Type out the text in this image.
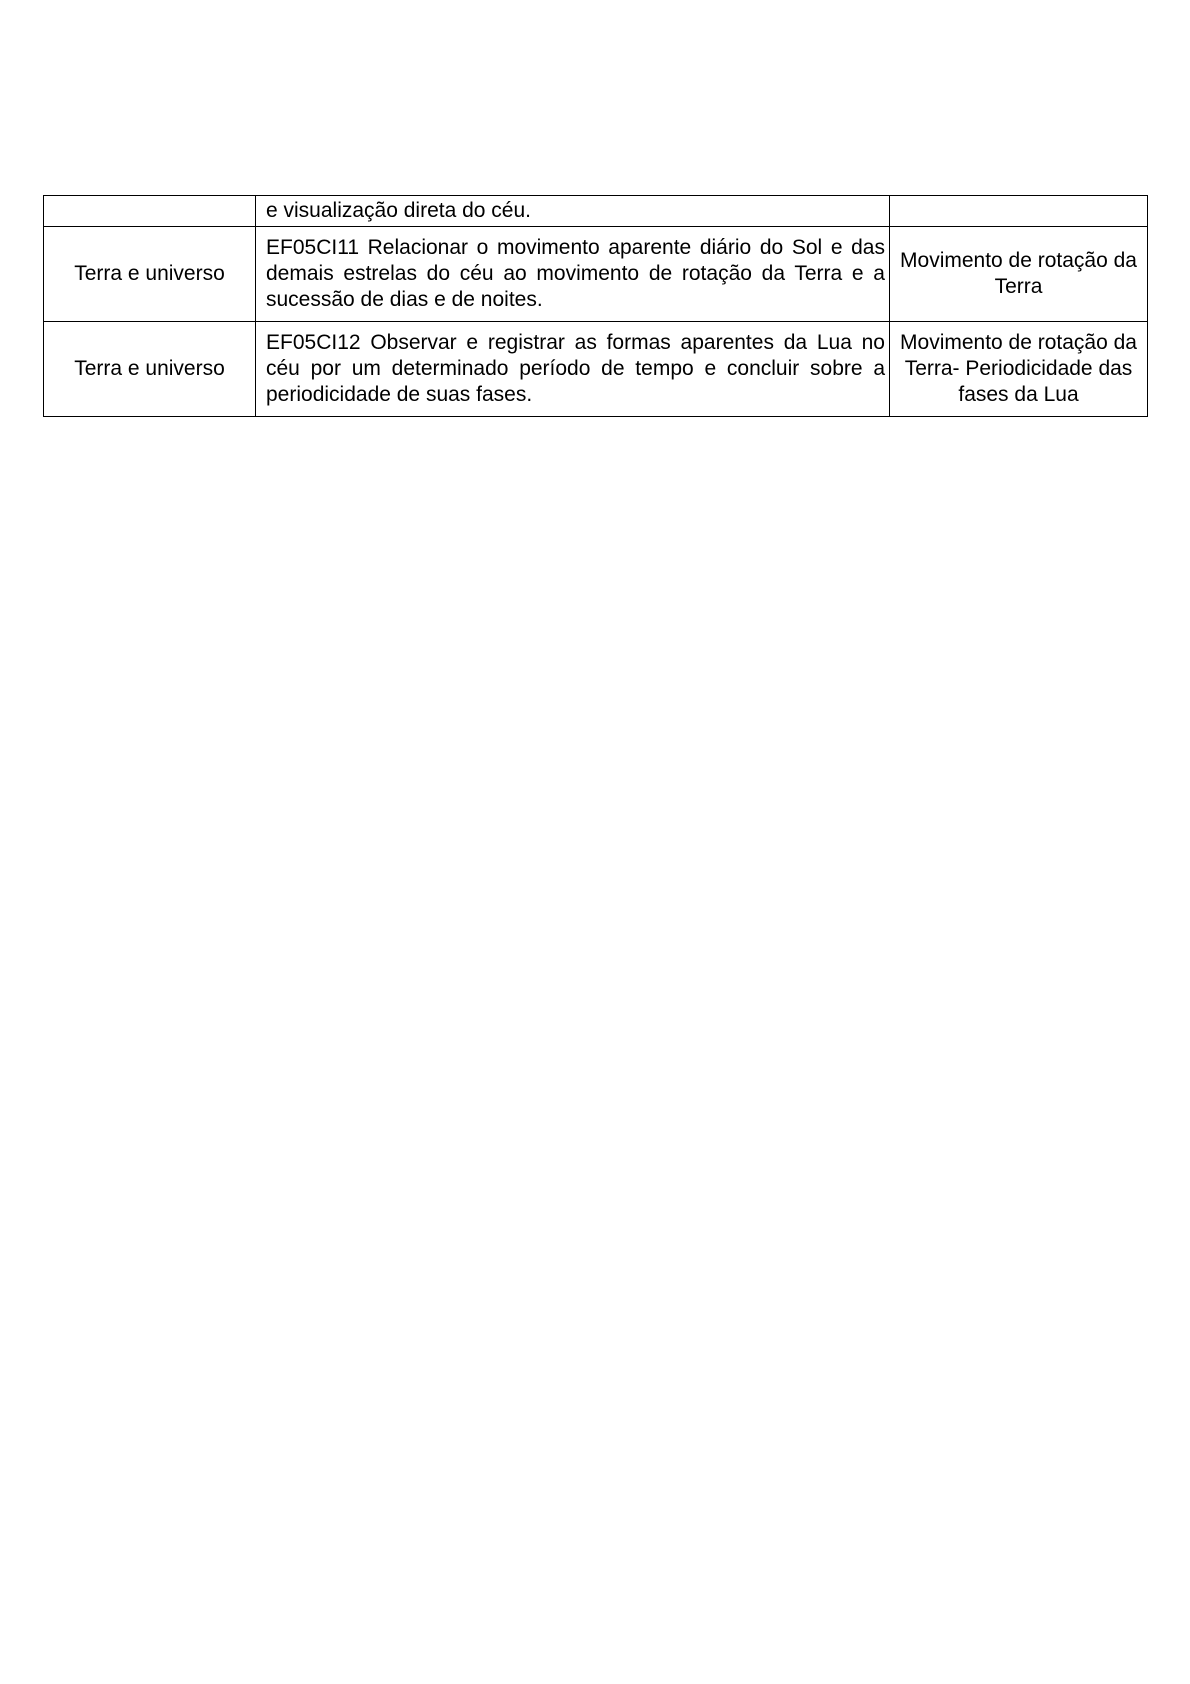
	e visualização direta do céu.	
Terra e universo	EF05CI11 Relacionar o movimento aparente diário do Sol e das demais estrelas do céu ao movimento de rotação da Terra e a sucessão de dias e de noites.	Movimento de rotação da Terra
Terra e universo	EF05CI12 Observar e registrar as formas aparentes da Lua no céu por um determinado período de tempo e concluir sobre a periodicidade de suas fases.	Movimento de rotação da Terra- Periodicidade das fases da Lua
